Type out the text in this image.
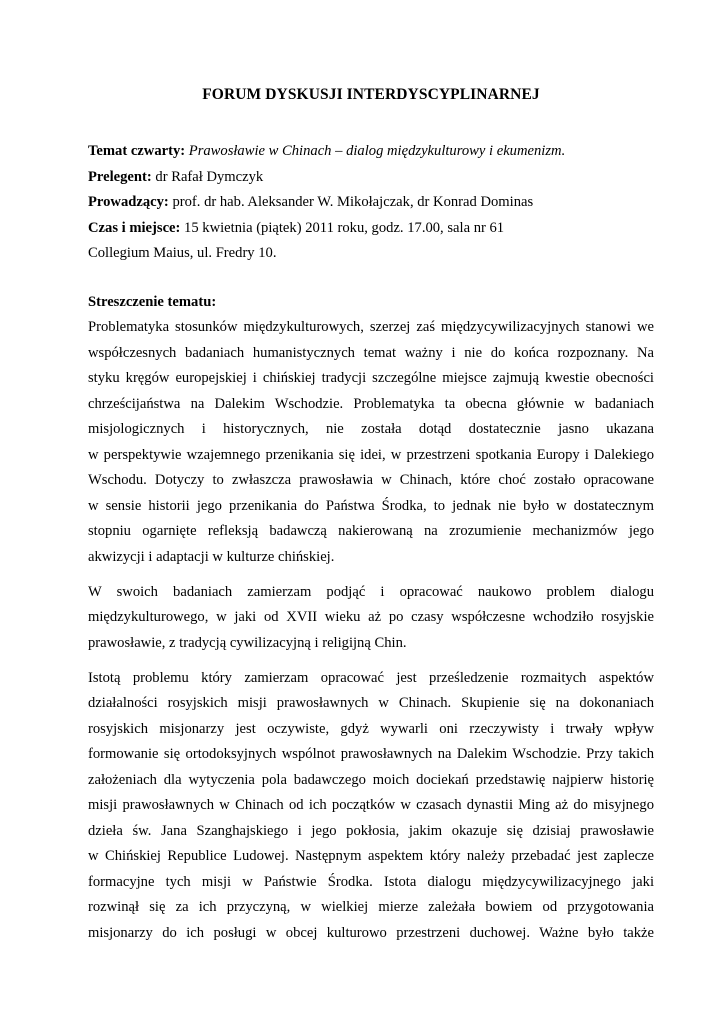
FORUM DYSKUSJI INTERDYSCYPLINARNEJ

Temat czwarty: Prawosławie w Chinach – dialog międzykulturowy i ekumenizm.

Prelegent: dr Rafał Dymczyk

Prowadzący: prof. dr hab. Aleksander W. Mikołajczak, dr Konrad Dominas

Czas i miejsce: 15 kwietnia (piątek) 2011 roku, godz. 17.00, sala nr 61

Collegium Maius, ul. Fredry 10.

Streszczenie tematu:
Problematyka stosunków międzykulturowych, szerzej zaś międzycywilizacyjnych stanowi we
współczesnych badaniach humanistycznych temat ważny i nie do końca rozpoznany. Na
styku kręgów europejskiej i chińskiej tradycji szczególne miejsce zajmują kwestie obecności
chrześcijaństwa na Dalekim Wschodzie. Problematyka ta obecna głównie w badaniach
misjologicznych i historycznych, nie została dotąd dostatecznie jasno ukazana
w perspektywie wzajemnego przenikania się idei, w przestrzeni spotkania Europy i Dalekiego
Wschodu. Dotyczy to zwłaszcza prawosławia w Chinach, które choć zostało opracowane
w sensie historii jego przenikania do Państwa Środka, to jednak nie było w dostatecznym
stopniu ogarnięte refleksją badawczą nakierowaną na zrozumienie mechanizmów jego
akwizycji i adaptacji w kulturze chińskiej.
W swoich badaniach zamierzam podjąć i opracować naukowo problem dialogu
międzykulturowego, w jaki od XVII wieku aż po czasy współczesne wchodziło rosyjskie
prawosławie, z tradycją cywilizacyjną i religijną Chin.
Istotą problemu który zamierzam opracować jest prześledzenie rozmaitych aspektów
działalności rosyjskich misji prawosławnych w Chinach. Skupienie się na dokonaniach
rosyjskich misjonarzy jest oczywiste, gdyż wywarli oni rzeczywisty i trwały wpływ
formowanie się ortodoksyjnych wspólnot prawosławnych na Dalekim Wschodzie. Przy takich
założeniach dla wytyczenia pola badawczego moich dociekań przedstawię najpierw historię
misji prawosławnych w Chinach od ich początków w czasach dynastii Ming aż do misyjnego
dzieła św. Jana Szanghajskiego i jego pokłosia, jakim okazuje się dzisiaj prawosławie
w Chińskiej Republice Ludowej. Następnym aspektem który należy przebadać jest zaplecze
formacyjne tych misji w Państwie Środka. Istota dialogu międzycywilizacyjnego jaki
rozwinął się za ich przyczyną, w wielkiej mierze zależała bowiem od przygotowania
misjonarzy do ich posługi w obcej kulturowo przestrzeni duchowej. Ważne było także
